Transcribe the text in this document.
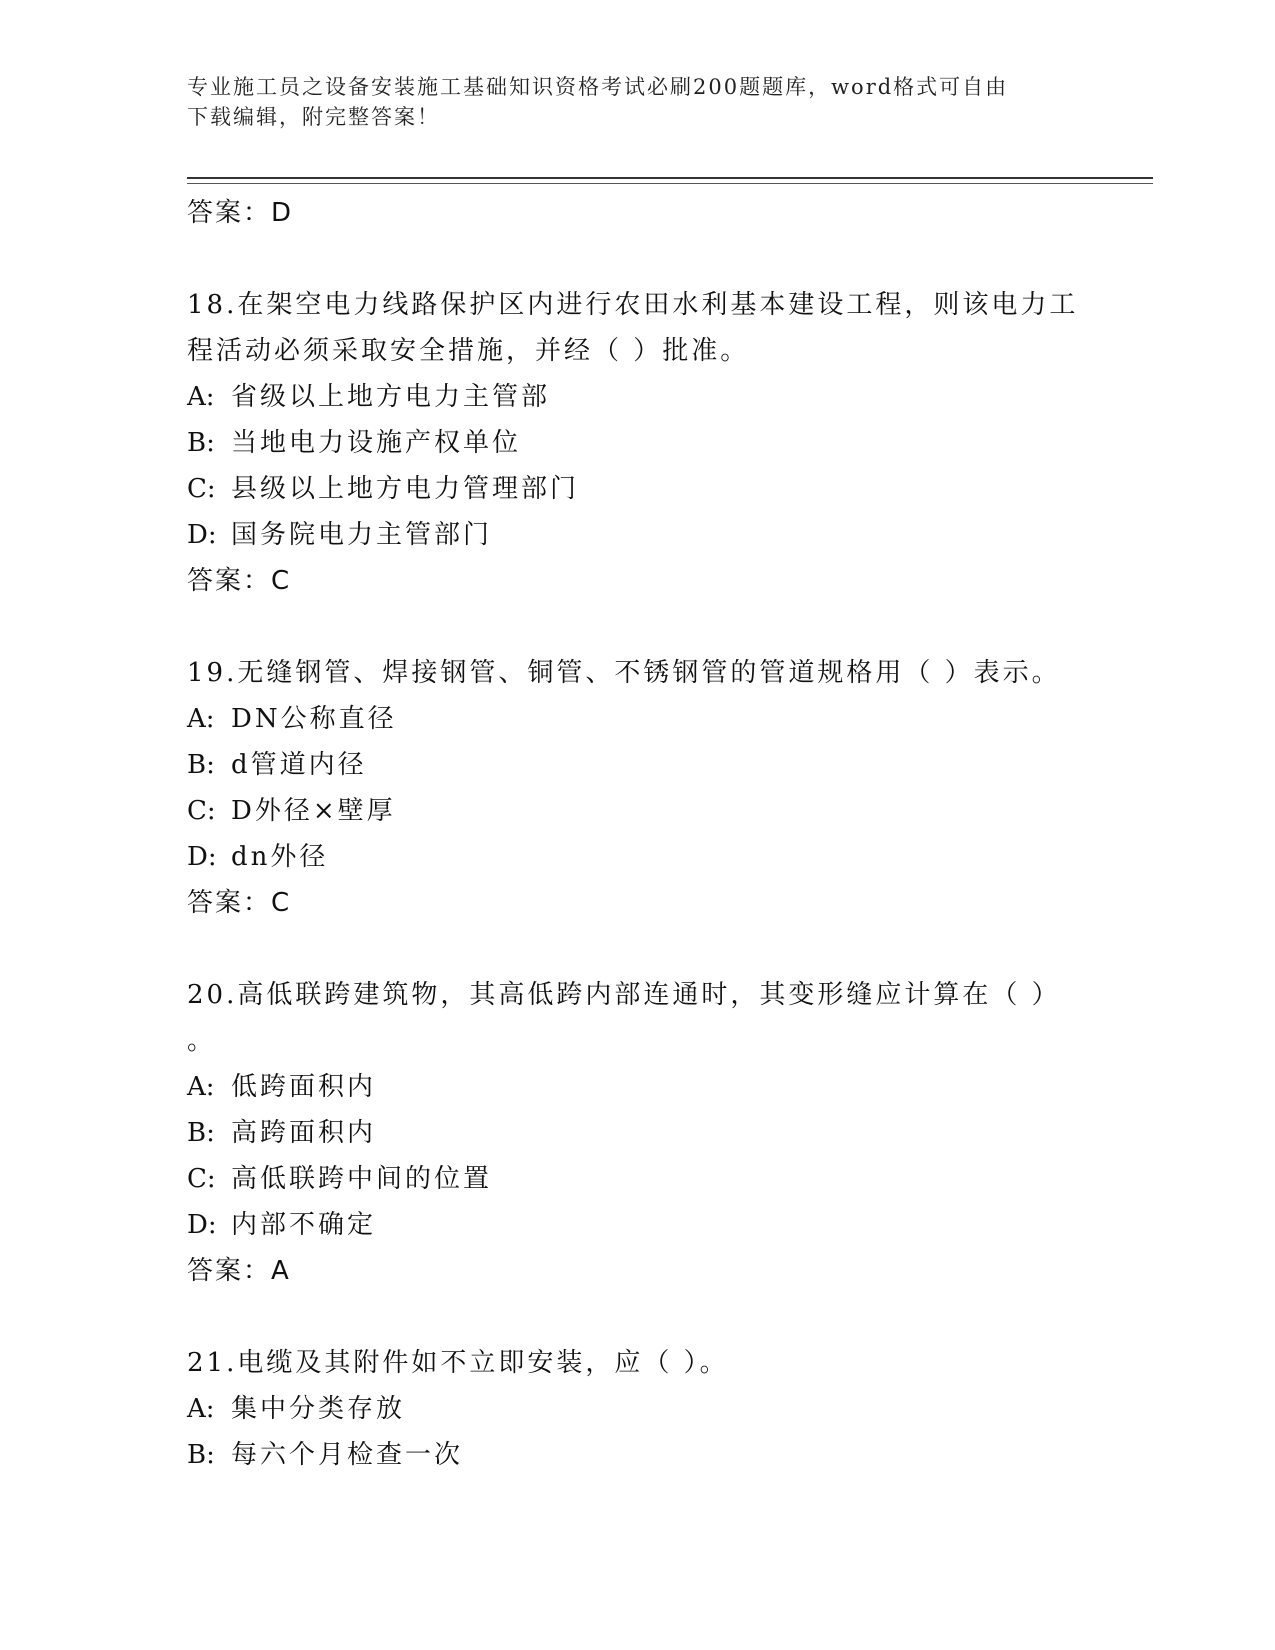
专业施工员之设备安装施工基础知识资格考试必刷200题题库，word格式可自由
下载编辑，附完整答案！
答案：D
18.在架空电力线路保护区内进行农田水利基本建设工程，则该电力工
程活动必须采取安全措施，并经（ ）批准。
A: 省级以上地方电力主管部
B: 当地电力设施产权单位
C: 县级以上地方电力管理部门
D: 国务院电力主管部门
答案：C
19.无缝钢管、焊接钢管、铜管、不锈钢管的管道规格用（ ）表示。
A: DN公称直径
B: d管道内径
C: D外径×壁厚
D: dn外径
答案：C
20.高低联跨建筑物，其高低跨内部连通时，其变形缝应计算在（ ）
。
A: 低跨面积内
B: 高跨面积内
C: 高低联跨中间的位置
D: 内部不确定
答案：A
21.电缆及其附件如不立即安装，应（ ）。
A: 集中分类存放
B: 每六个月检查一次
